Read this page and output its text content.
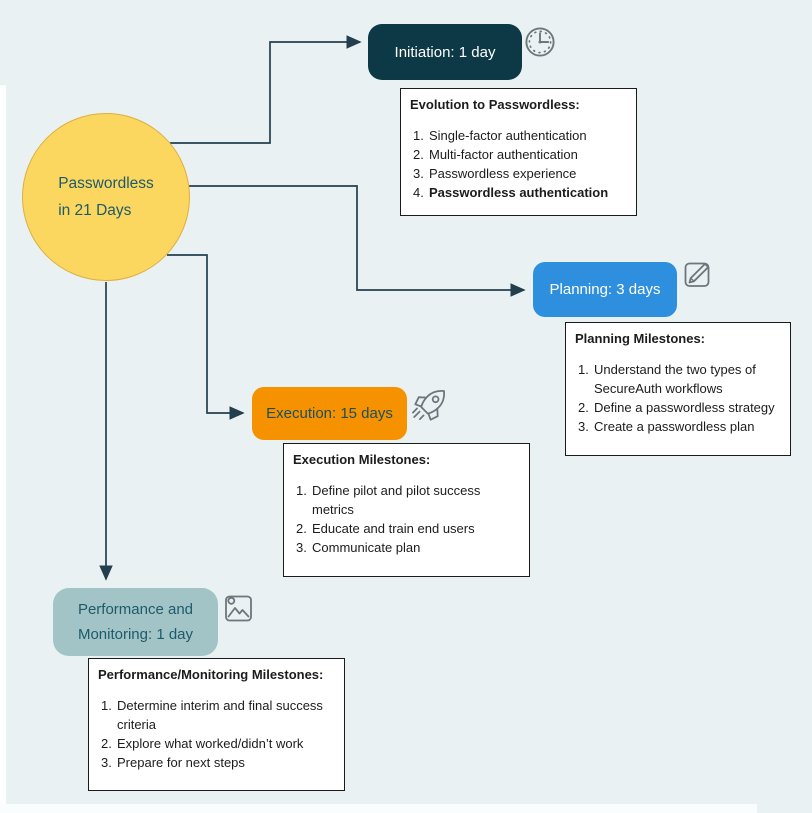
Passwordless
in 21 Days
Initiation: 1 day
Planning: 3 days
Execution: 15 days
Performance and
Monitoring: 1 day
Evolution to Passwordless:
1. Single-factor authentication
2. Multi-factor authentication
3. Passwordless experience
4. Passwordless authentication
Planning Milestones:
1. Understand the two types of
SecureAuth workflows
2. Define a passwordless strategy
3. Create a passwordless plan
Execution Milestones:
1. Define pilot and pilot success
metrics
2. Educate and train end users
3. Communicate plan
Performance/Monitoring Milestones:
1. Determine interim and final success
criteria
2. Explore what worked/didn’t work
3. Prepare for next steps
